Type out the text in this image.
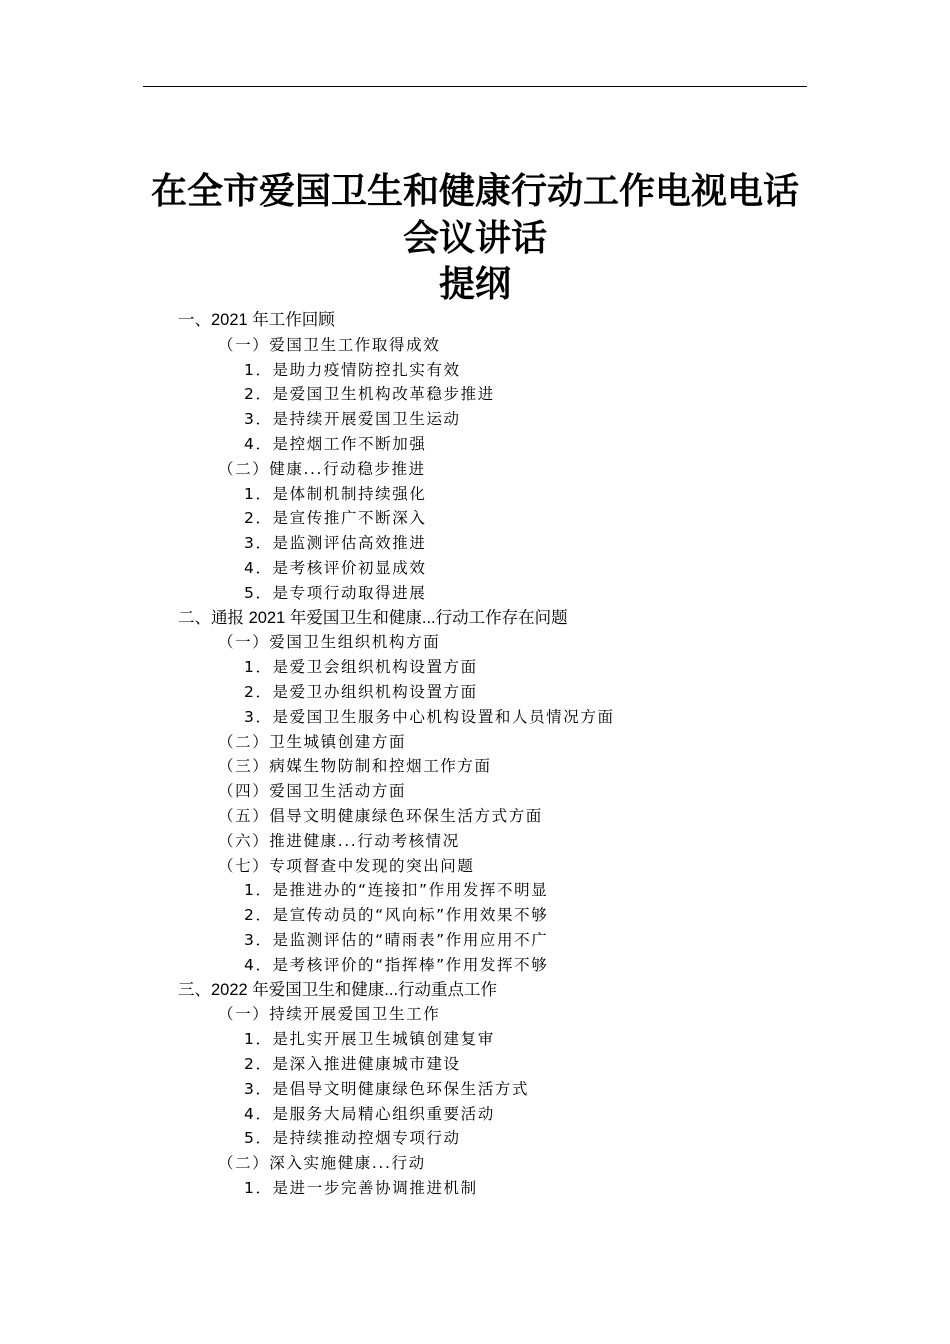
在全市爱国卫生和健康行动工作电视电话
会议讲话
提纲
一、2021 年工作回顾
（一）爱国卫生工作取得成效
1．是助力疫情防控扎实有效
2．是爱国卫生机构改革稳步推进
3．是持续开展爱国卫生运动
4．是控烟工作不断加强
（二）健康...行动稳步推进
1．是体制机制持续强化
2．是宣传推广不断深入
3．是监测评估高效推进
4．是考核评价初显成效
5．是专项行动取得进展
二、通报 2021 年爱国卫生和健康...行动工作存在问题
（一）爱国卫生组织机构方面
1．是爱卫会组织机构设置方面
2．是爱卫办组织机构设置方面
3．是爱国卫生服务中心机构设置和人员情况方面
（二）卫生城镇创建方面
（三）病媒生物防制和控烟工作方面
（四）爱国卫生活动方面
（五）倡导文明健康绿色环保生活方式方面
（六）推进健康...行动考核情况
（七）专项督查中发现的突出问题
1．是推进办的“连接扣”作用发挥不明显
2．是宣传动员的“风向标”作用效果不够
3．是监测评估的“晴雨表”作用应用不广
4．是考核评价的“指挥棒”作用发挥不够
三、2022 年爱国卫生和健康...行动重点工作
（一）持续开展爱国卫生工作
1．是扎实开展卫生城镇创建复审
2．是深入推进健康城市建设
3．是倡导文明健康绿色环保生活方式
4．是服务大局精心组织重要活动
5．是持续推动控烟专项行动
（二）深入实施健康...行动
1．是进一步完善协调推进机制
